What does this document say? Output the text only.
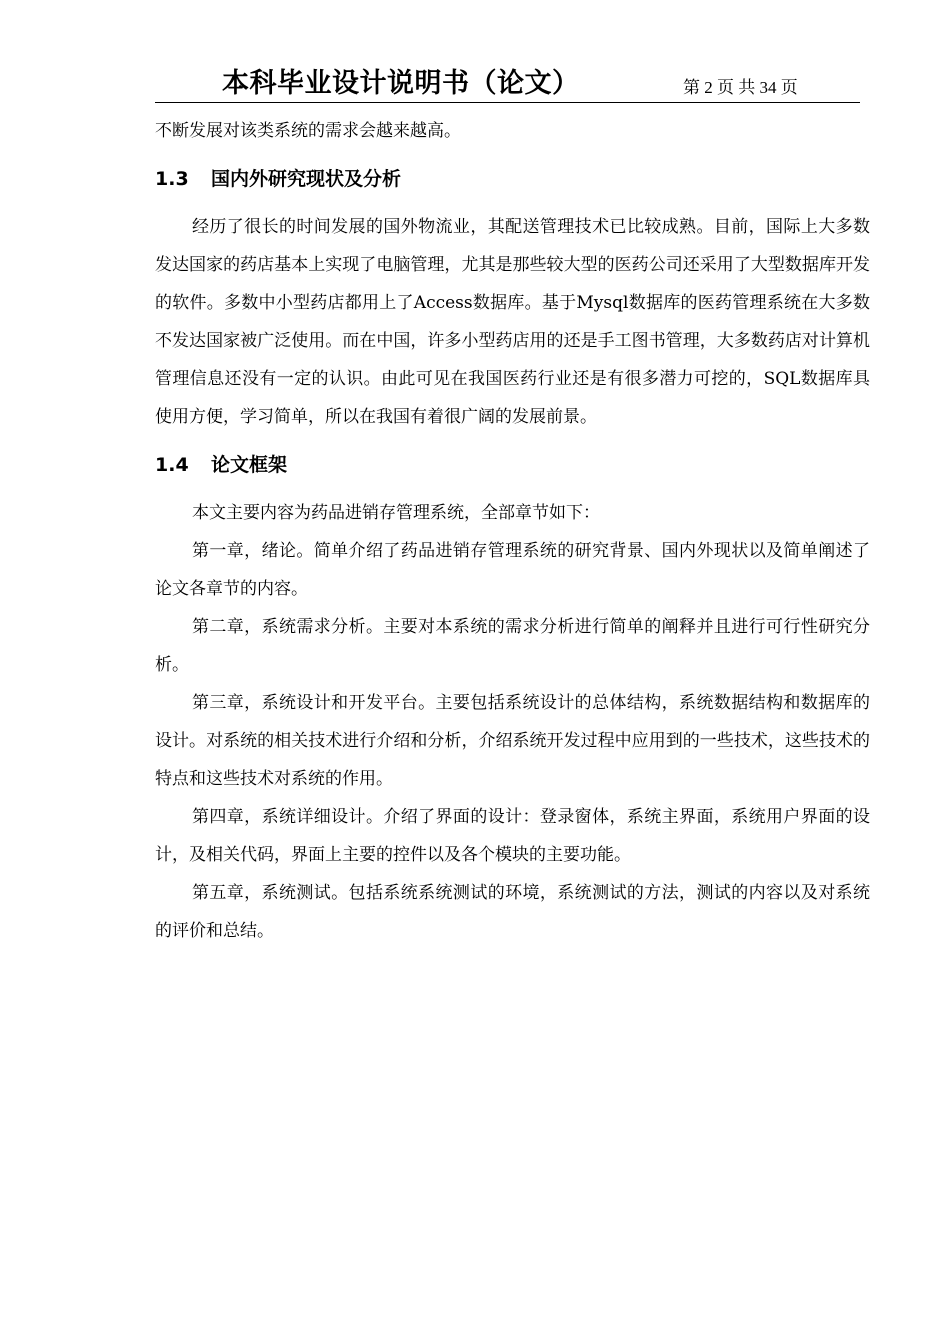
本科毕业设计说明书（论文）	第 2 页 共 34 页

不断发展对该类系统的需求会越来越高。

1.3 国内外研究现状及分析

经历了很长的时间发展的国外物流业，其配送管理技术已比较成熟。目前，国际上大多数发达国家的药店基本上实现了电脑管理，尤其是那些较大型的医药公司还采用了大型数据库开发的软件。多数中小型药店都用上了Access数据库。基于Mysql数据库的医药管理系统在大多数不发达国家被广泛使用。而在中国，许多小型药店用的还是手工图书管理，大多数药店对计算机管理信息还没有一定的认识。由此可见在我国医药行业还是有很多潜力可挖的，SQL数据库具使用方便，学习简单，所以在我国有着很广阔的发展前景。

1.4 论文框架

本文主要内容为药品进销存管理系统，全部章节如下：

第一章，绪论。简单介绍了药品进销存管理系统的研究背景、国内外现状以及简单阐述了论文各章节的内容。

第二章，系统需求分析。主要对本系统的需求分析进行简单的阐释并且进行可行性研究分析。

第三章，系统设计和开发平台。主要包括系统设计的总体结构，系统数据结构和数据库的设计。对系统的相关技术进行介绍和分析，介绍系统开发过程中应用到的一些技术，这些技术的特点和这些技术对系统的作用。

第四章，系统详细设计。介绍了界面的设计：登录窗体，系统主界面，系统用户界面的设计，及相关代码，界面上主要的控件以及各个模块的主要功能。

第五章，系统测试。包括系统系统测试的环境，系统测试的方法，测试的内容以及对系统的评价和总结。
